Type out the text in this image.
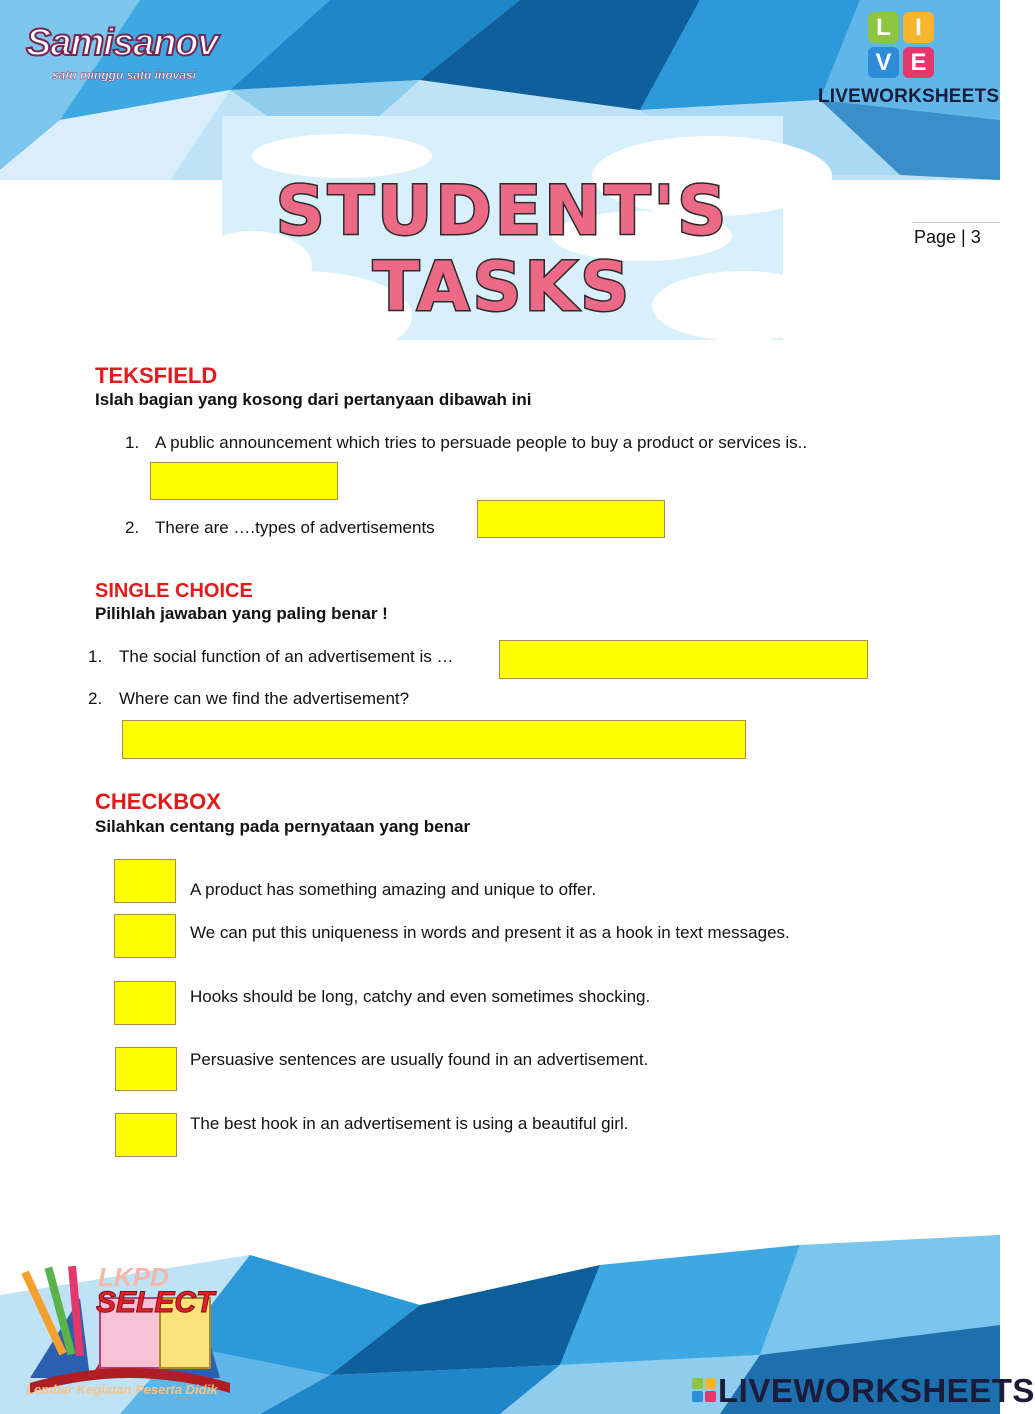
Samisanov
satu minggu satu inovasi
L	I
V E
LIVEWORKSHEETS
STUDENT'S
TASKS
Page | 3
TEKSFIELD
Islah bagian yang kosong dari pertanyaan dibawah ini
1. A public announcement which tries to persuade people to buy a product or services is..
2. There are ….types of advertisements
SINGLE CHOICE
Pilihlah jawaban yang paling benar !
1. The social function of an advertisement is …
2. Where can we find the advertisement?
CHECKBOX
Silahkan centang pada pernyataan yang benar
A product has something amazing and unique to offer.
We can put this uniqueness in words and present it as a hook in text messages.
Hooks should be long, catchy and even sometimes shocking.
Persuasive sentences are usually found in an advertisement.
The best hook in an advertisement is using a beautiful girl.
LKPD
SELECT
Lembar Kegiatan Peserta Didik	LIVEWORKSHEETS
